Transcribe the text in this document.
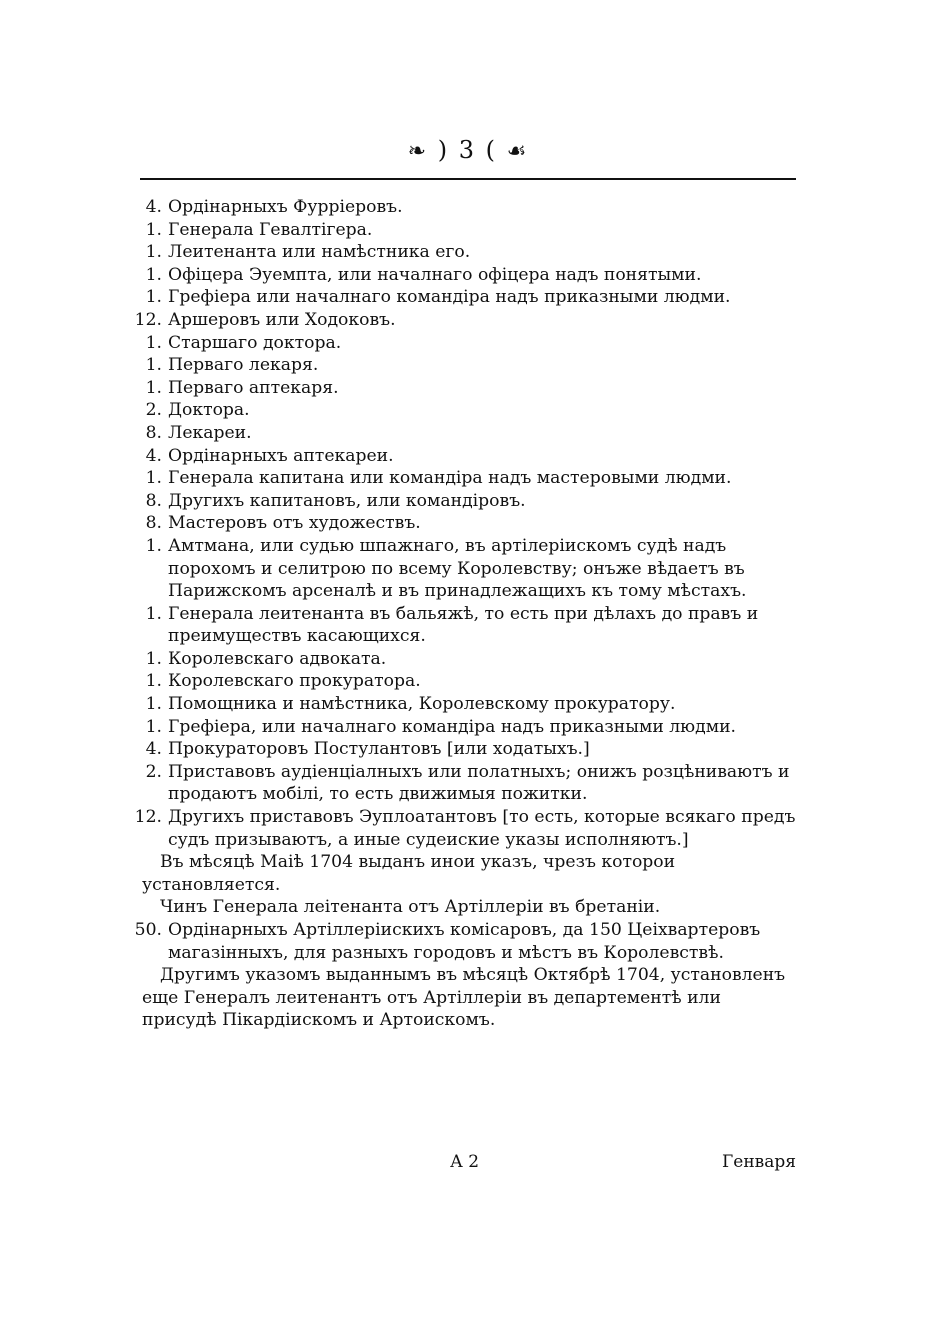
❧ ) 3 ( ☙
4. Ордінарныхъ Фурріеровъ.
1. Генерала Гевалтігера.
1. Леитенанта или намѣстника его.
1. Офіцера Эуемпта, или началнаго офіцера надъ понятыми.
1. Грефіера или началнаго командіра надъ приказными людми.
12. Аршеровъ или Ходоковъ.
1. Старшаго доктора.
1. Перваго лекаря.
1. Перваго аптекаря.
2. Доктора.
8. Лекареи.
4. Ордінарныхъ аптекареи.
1. Генерала капитана или командіра надъ мастеровыми людми.
8. Другихъ капитановъ, или командіровъ.
8. Мастеровъ отъ художествъ.
1. Амтмана, или судью шпажнаго, въ артілеріискомъ судѣ надъ порохомъ и селитрою по всему Королевству; онъже вѣдаетъ въ Парижскомъ арсеналѣ и въ принадлежащихъ къ тому мѣстахъ.
1. Генерала леитенанта въ бальяжѣ, то есть при дѣлахъ до правъ и преимуществъ касающихся.
1. Королевскаго адвоката.
1. Королевскаго прокуратора.
1. Помощника и намѣстника, Королевскому прокуратору.
1. Грефіера, или началнаго командіра надъ приказными людми.
4. Прокураторовъ Постулантовъ [или ходатыхъ.]
2. Приставовъ аудіенціалныхъ или полатныхъ; онижъ розцѣниваютъ и продаютъ мобілі, то есть движимыя пожитки.
12. Другихъ приставовъ Эуплоатантовъ [то есть, которые всякаго предъ судъ призываютъ, а иные судеиские указы исполняютъ.]
Въ мѣсяцѣ Маіѣ 1704 выданъ инои указъ, чрезъ которои установляется.
Чинъ Генерала леітенанта отъ Артіллеріи въ бретаніи.
50. Ордінарныхъ Артіллеріискихъ комісаровъ, да 150 Цеіхвартеровъ магазінныхъ, для разныхъ городовъ и мѣстъ въ Королевствѣ.
Другимъ указомъ выданнымъ въ мѣсяцѣ Октябрѣ 1704, установленъ еще Генералъ леитенантъ отъ Артіллеріи въ департементѣ или присудѣ Пікардіискомъ и Артоискомъ.
А 2	Генваря
